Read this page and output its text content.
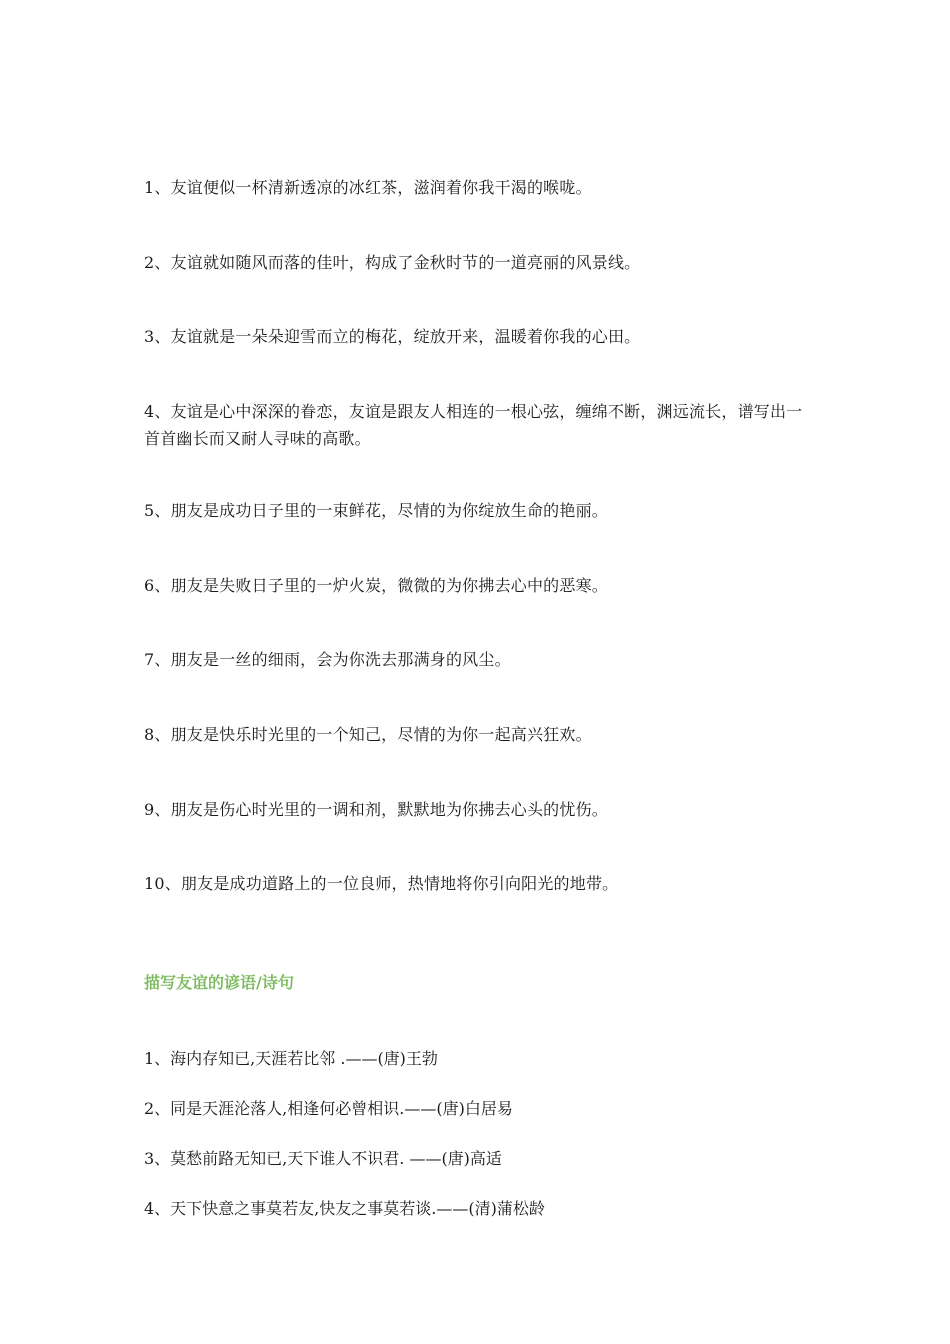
1、友谊便似一杯清新透凉的冰红茶，滋润着你我干渴的喉咙。

2、友谊就如随风而落的佳叶，构成了金秋时节的一道亮丽的风景线。

3、友谊就是一朵朵迎雪而立的梅花，绽放开来，温暖着你我的心田。

4、友谊是心中深深的眷恋，友谊是跟友人相连的一根心弦，缠绵不断，渊远流长，谱写出一首首幽长而又耐人寻味的高歌。

5、朋友是成功日子里的一束鲜花，尽情的为你绽放生命的艳丽。

6、朋友是失败日子里的一炉火炭，微微的为你拂去心中的恶寒。

7、朋友是一丝的细雨，会为你洗去那满身的风尘。

8、朋友是快乐时光里的一个知己，尽情的为你一起高兴狂欢。

9、朋友是伤心时光里的一调和剂，默默地为你拂去心头的忧伤。

10、朋友是成功道路上的一位良师，热情地将你引向阳光的地带。

描写友谊的谚语/诗句

1、海内存知已,天涯若比邻 .——(唐)王勃

2、同是天涯沦落人,相逢何必曾相识.——(唐)白居易

3、莫愁前路无知已,天下谁人不识君. ——(唐)高适

4、天下快意之事莫若友,快友之事莫若谈.——(清)蒲松龄
